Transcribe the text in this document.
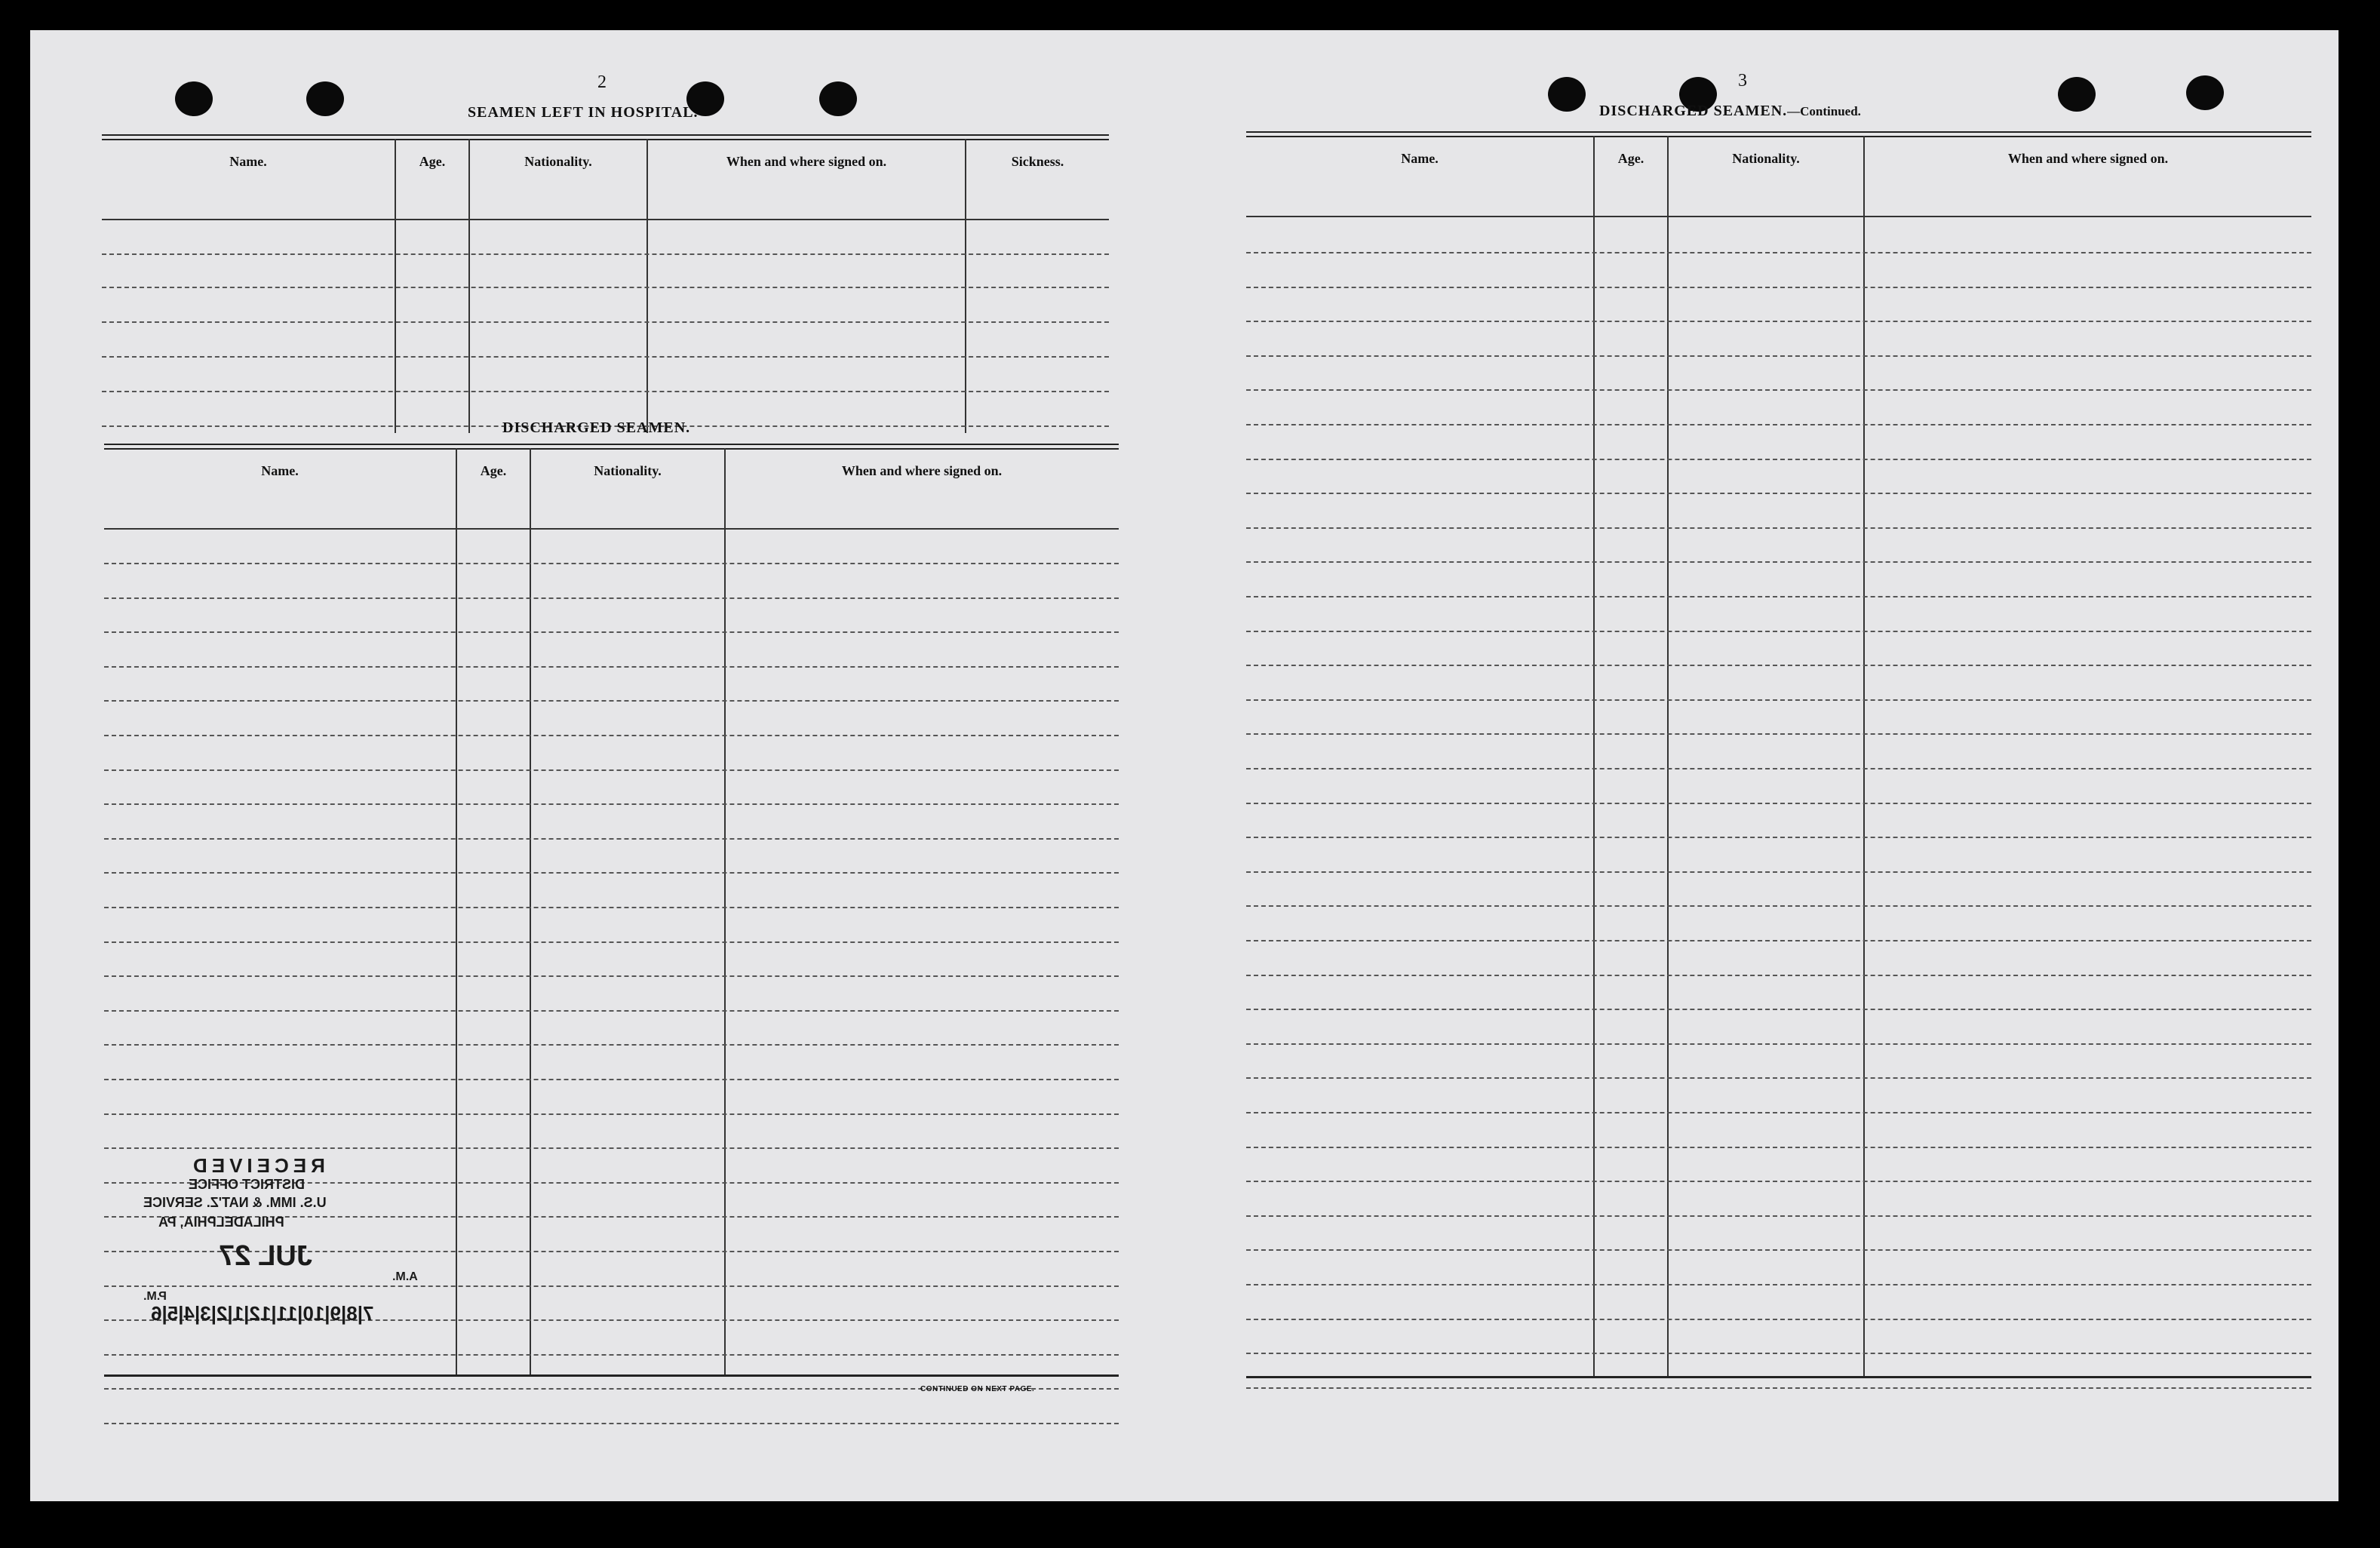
2
SEAMEN LEFT IN HOSPITAL.
Name.	Age.	Nationality.	When and where signed on.	Sickness.
DISCHARGED SEAMEN.
Name.	Age.	Nationality.	When and where signed on.
CONTINUED ON NEXT PAGE.
RECEIVED
DISTRICT OFFICE
U.S. IMM. & NAT'Z. SERVICE
PHILADELPHIA, PA
JUL 27
A.M.
P.M.
7|8|9|10|11|12|1|2|3|4|5|6
3
DISCHARGED SEAMEN.—Continued.
Name.	Age.	Nationality.	When and where signed on.
